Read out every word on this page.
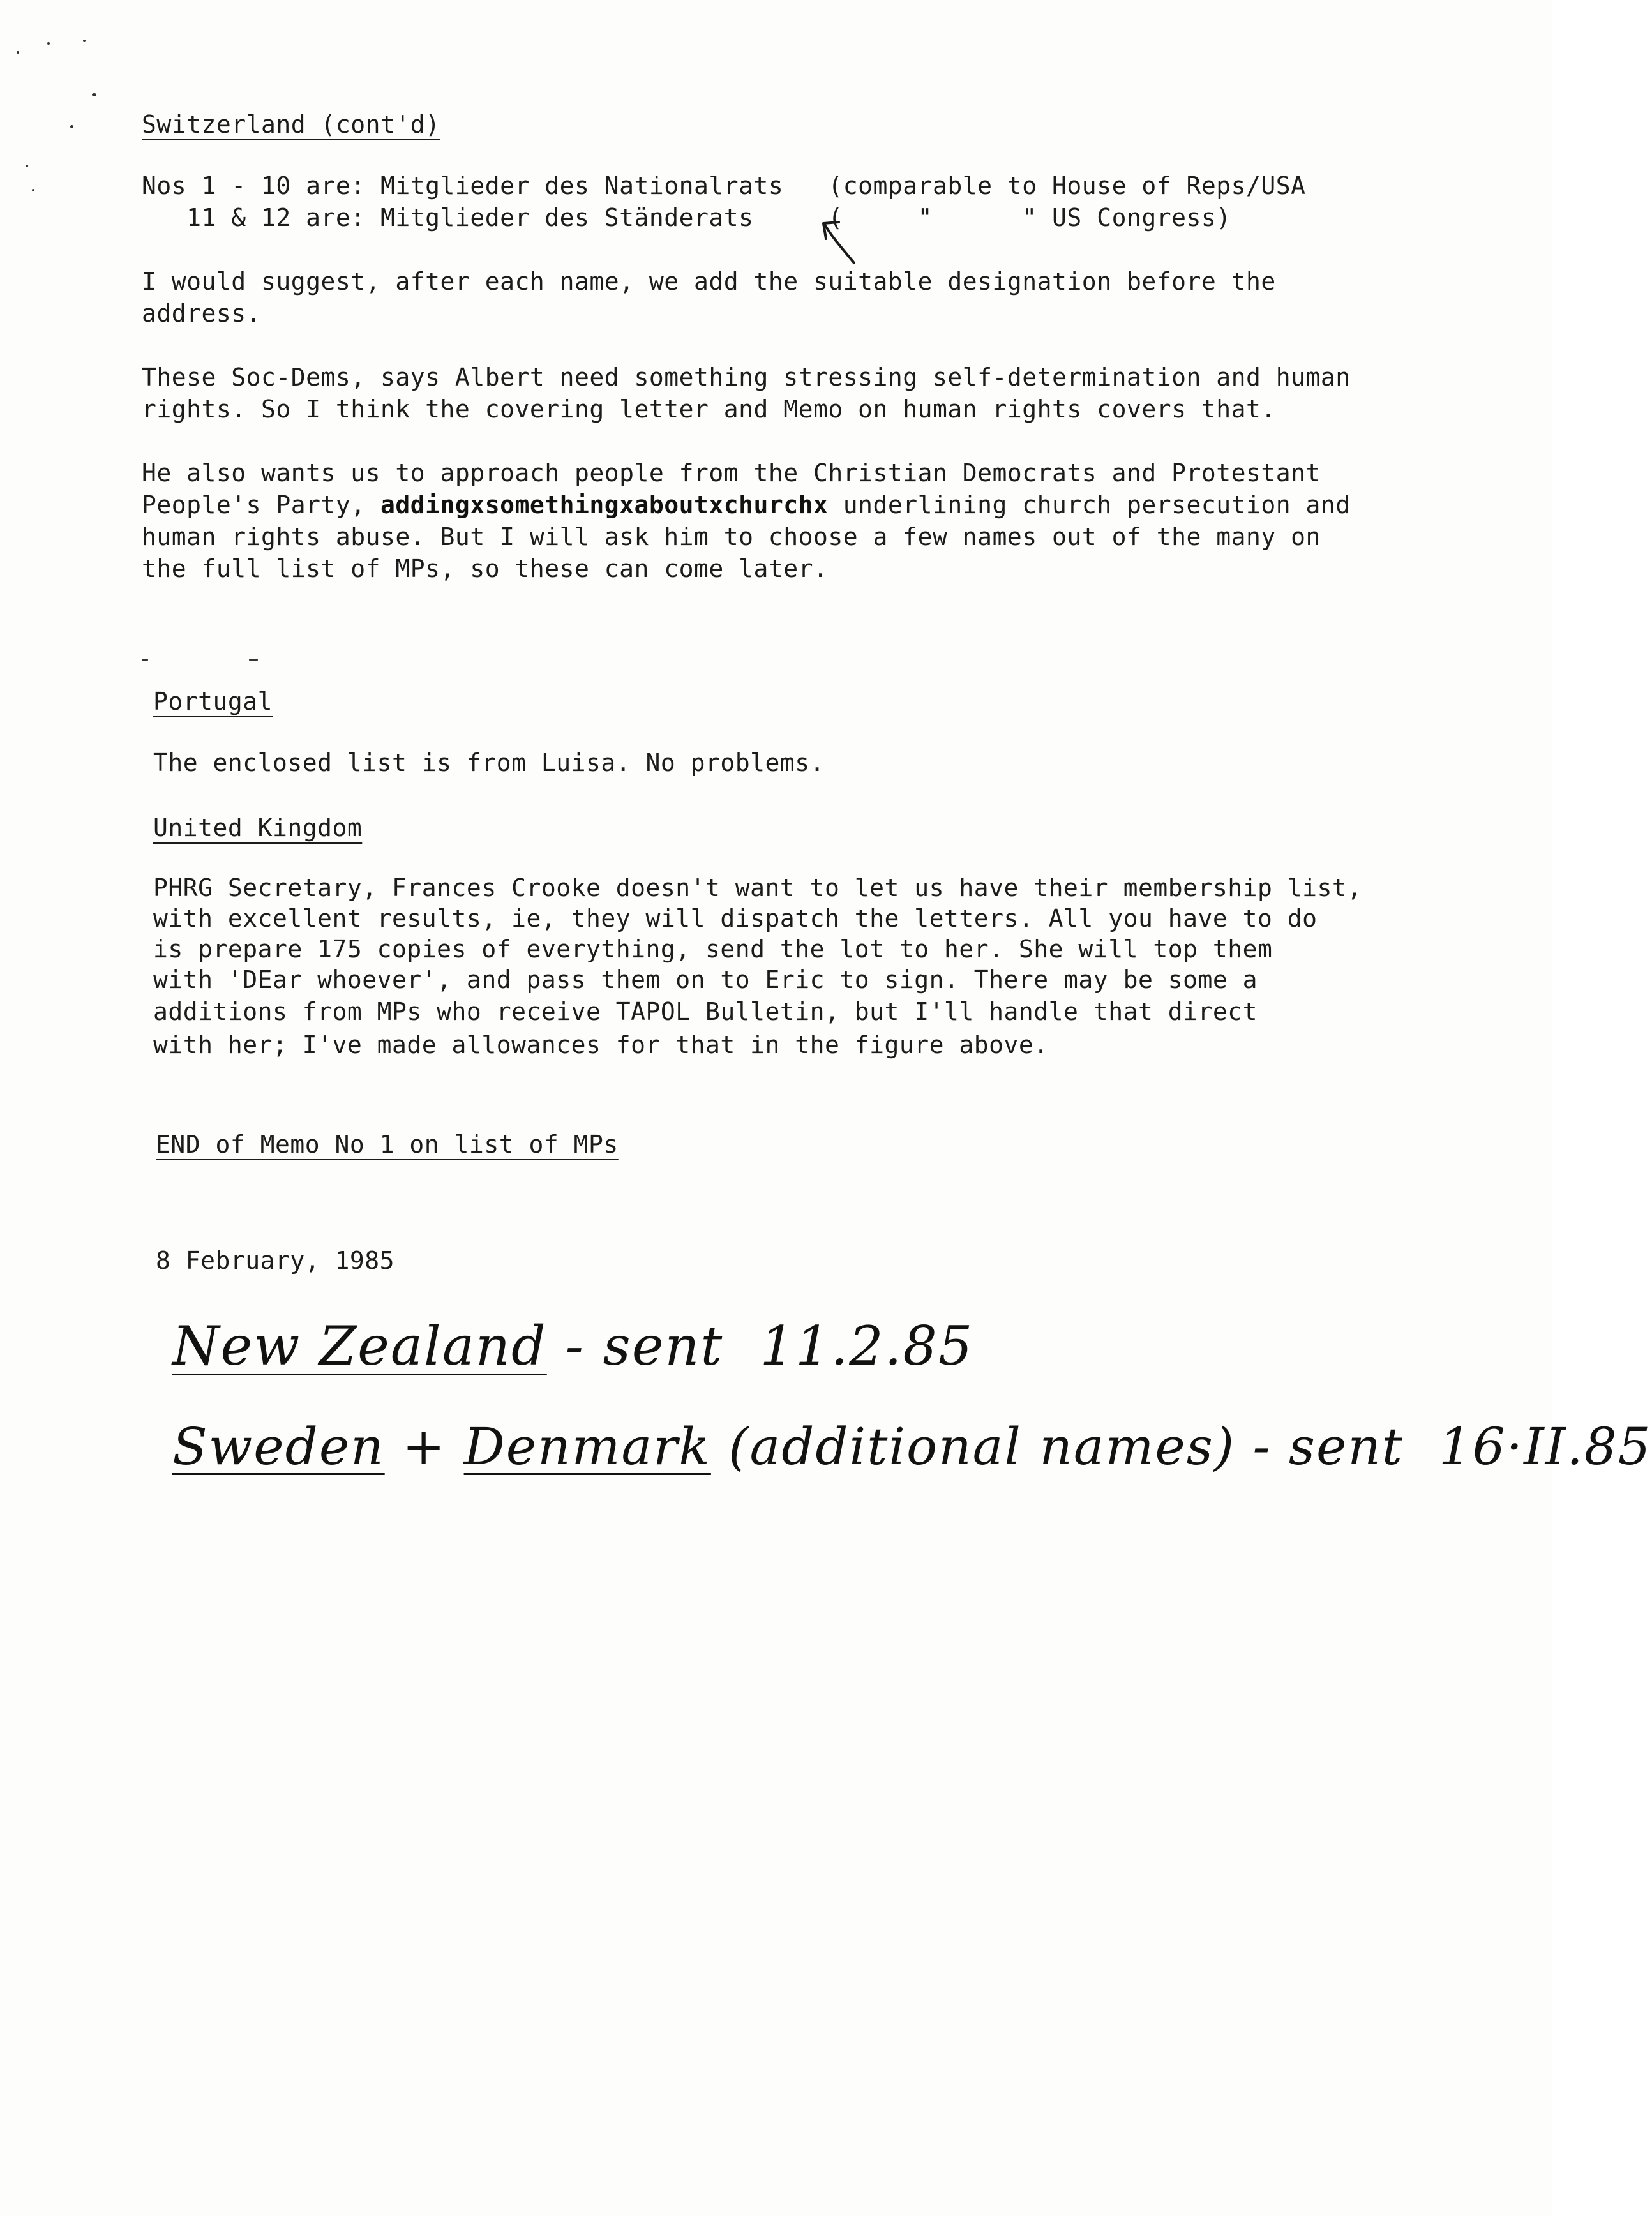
Switzerland (cont'd)
Nos 1 - 10 are: Mitglieder des Nationalrats   (comparable to House of Reps/USA
11 & 12 are: Mitglieder des Ständerats     (     "      " US Congress)
I would suggest, after each name, we add the suitable designation before the
address.
These Soc-Dems, says Albert need something stressing self-determination and human
rights. So I think the covering letter and Memo on human rights covers that.
He also wants us to approach people from the Christian Democrats and Protestant
People's Party, addingxsomethingxaboutxchurchx underlining church persecution and
human rights abuse. But I will ask him to choose a few names out of the many on
the full list of MPs, so these can come later.
Portugal
The enclosed list is from Luisa. No problems.
United Kingdom
PHRG Secretary, Frances Crooke doesn't want to let us have their membership list,
with excellent results, ie, they will dispatch the letters. All you have to do
is prepare 175 copies of everything, send the lot to her. She will top them
with 'DEar whoever', and pass them on to Eric to sign. There may be some a
additions from MPs who receive TAPOL Bulletin, but I'll handle that direct
with her; I've made allowances for that in the figure above.
END of Memo No 1 on list of MPs
8 February, 1985
New Zealand - sent  11.2.85
Sweden + Denmark (additional names) - sent  16·II.85
